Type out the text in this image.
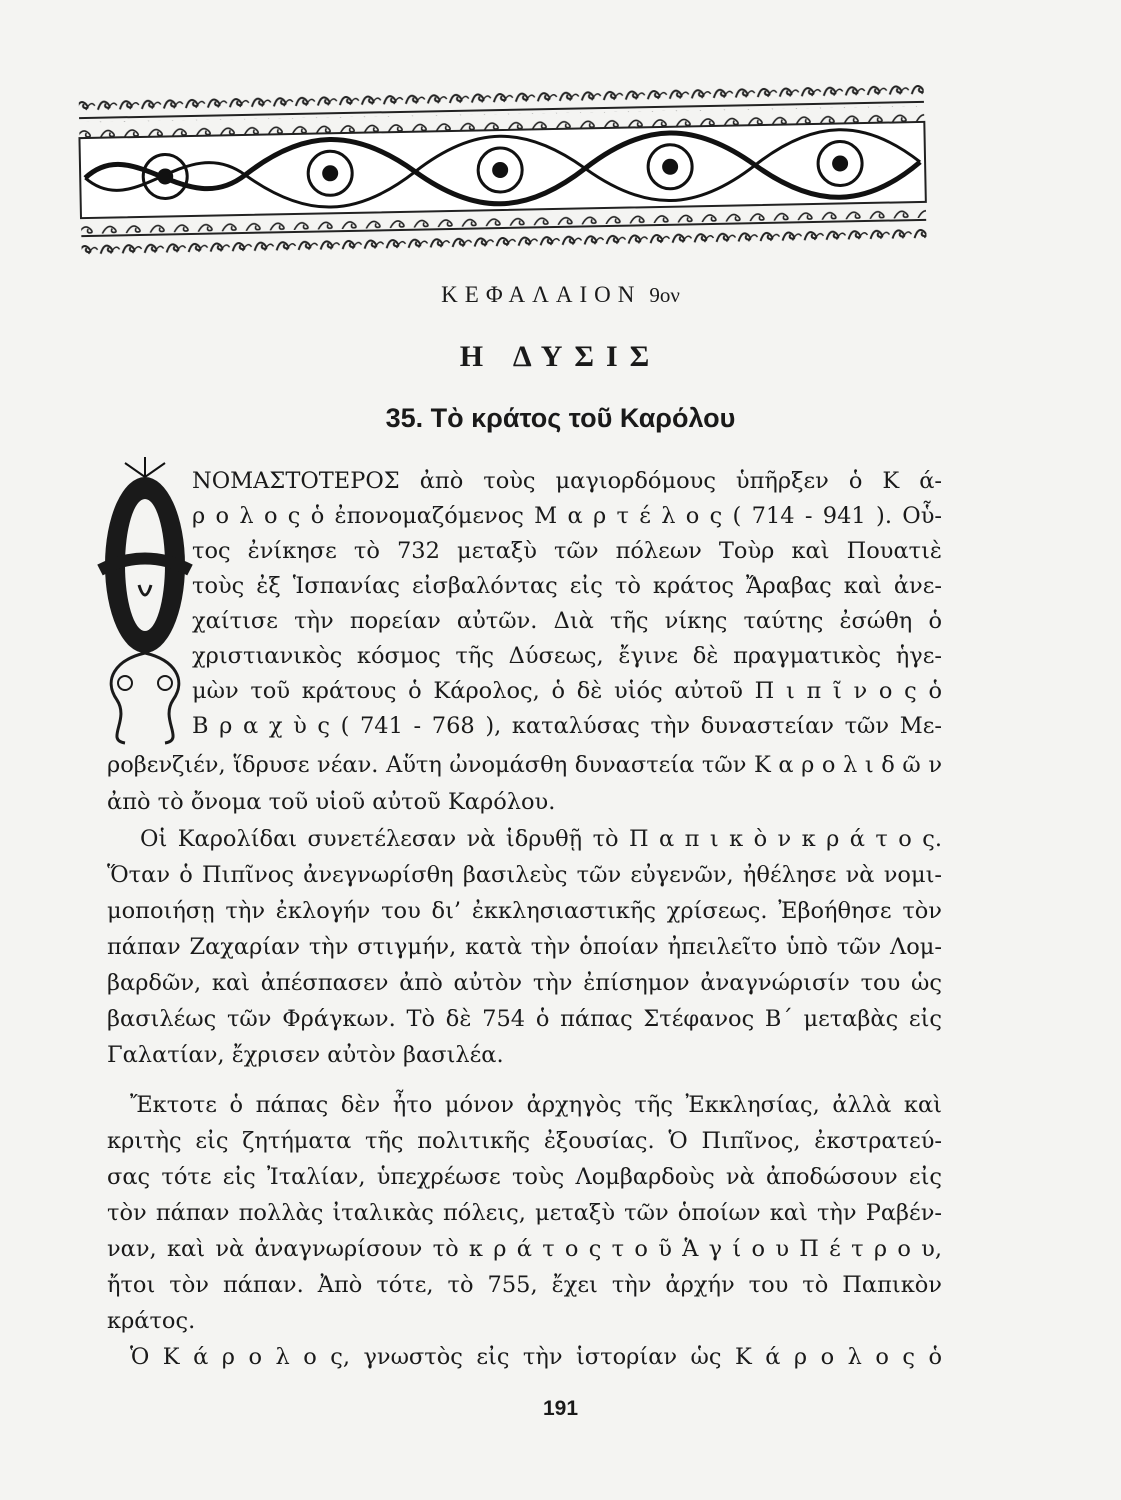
ΚΕΦΑΛΑΙΟΝ 9ον
Η ΔΥΣΙΣ
35. Τὸ κράτος τοῦ Καρόλου
ΝΟΜΑΣΤΟΤΕΡΟΣ ἀπὸ τοὺς μαγιορδόμους ὑπῆρξεν ὁ Κ ά-
ρ ο λ ο ς ὁ ἐπονομαζόμενος Μ α ρ τ έ λ ο ς ( 714 - 941 ). Οὗ-
τος ἐνίκησε τὸ 732 μεταξὺ τῶν πόλεων Τοὺρ καὶ Πουατιὲ
τοὺς ἐξ Ἱσπανίας εἰσβαλόντας εἰς τὸ κράτος Ἄραβας καὶ ἀνε-
χαίτισε τὴν πορείαν αὐτῶν. Διὰ τῆς νίκης ταύτης ἐσώθη ὁ
χριστιανικὸς κόσμος τῆς Δύσεως, ἔγινε δὲ πραγματικὸς ἡγε-
μὼν τοῦ κράτους ὁ Κάρολος, ὁ δὲ υἱός αὐτοῦ Π ι π ῖ ν ο ς ὁ
Β ρ α χ ὺ ς ( 741 - 768 ), καταλύσας τὴν δυναστείαν τῶν Με-
ροβενζιέν, ἵδρυσε νέαν. Αὕτη ὠνομάσθη δυναστεία τῶν Κ α ρ ο λ ι δ ῶ ν
ἀπὸ τὸ ὄνομα τοῦ υἱοῦ αὐτοῦ Καρόλου.
Οἱ Καρολίδαι συνετέλεσαν νὰ ἱδρυθῇ τὸ Π α π ι κ ὸ ν κ ρ ά τ ο ς.
Ὅταν ὁ Πιπῖνος ἀνεγνωρίσθη βασιλεὺς τῶν εὐγενῶν, ἠθέλησε νὰ νομι-
μοποιήσῃ τὴν ἐκλογήν του δι’ ἐκκλησιαστικῆς χρίσεως. Ἐβοήθησε τὸν
πάπαν Ζαχαρίαν τὴν στιγμήν, κατὰ τὴν ὁποίαν ἠπειλεῖτο ὑπὸ τῶν Λομ-
βαρδῶν, καὶ ἀπέσπασεν ἀπὸ αὐτὸν τὴν ἐπίσημον ἀναγνώρισίν του ὡς
βασιλέως τῶν Φράγκων. Τὸ δὲ 754 ὁ πάπας Στέφανος Β΄ μεταβὰς εἰς
Γαλατίαν, ἔχρισεν αὐτὸν βασιλέα.
Ἔκτοτε ὁ πάπας δὲν ἦτο μόνον ἀρχηγὸς τῆς Ἐκκλησίας, ἀλλὰ καὶ
κριτὴς εἰς ζητήματα τῆς πολιτικῆς ἐξουσίας. Ὁ Πιπῖνος, ἐκστρατεύ-
σας τότε εἰς Ἰταλίαν, ὑπεχρέωσε τοὺς Λομβαρδοὺς νὰ ἀποδώσουν εἰς
τὸν πάπαν πολλὰς ἰταλικὰς πόλεις, μεταξὺ τῶν ὁποίων καὶ τὴν Ραβέν-
ναν, καὶ νὰ ἀναγνωρίσουν τὸ κ ρ ά τ ο ς τ ο ῦ Ἁ γ ί ο υ Π έ τ ρ ο υ,
ἤτοι τὸν πάπαν. Ἀπὸ τότε, τὸ 755, ἔχει τὴν ἀρχήν του τὸ Παπικὸν
κράτος.
Ὁ Κ ά ρ ο λ ο ς, γνωστὸς εἰς τὴν ἱστορίαν ὡς Κ ά ρ ο λ ο ς ὁ
191
